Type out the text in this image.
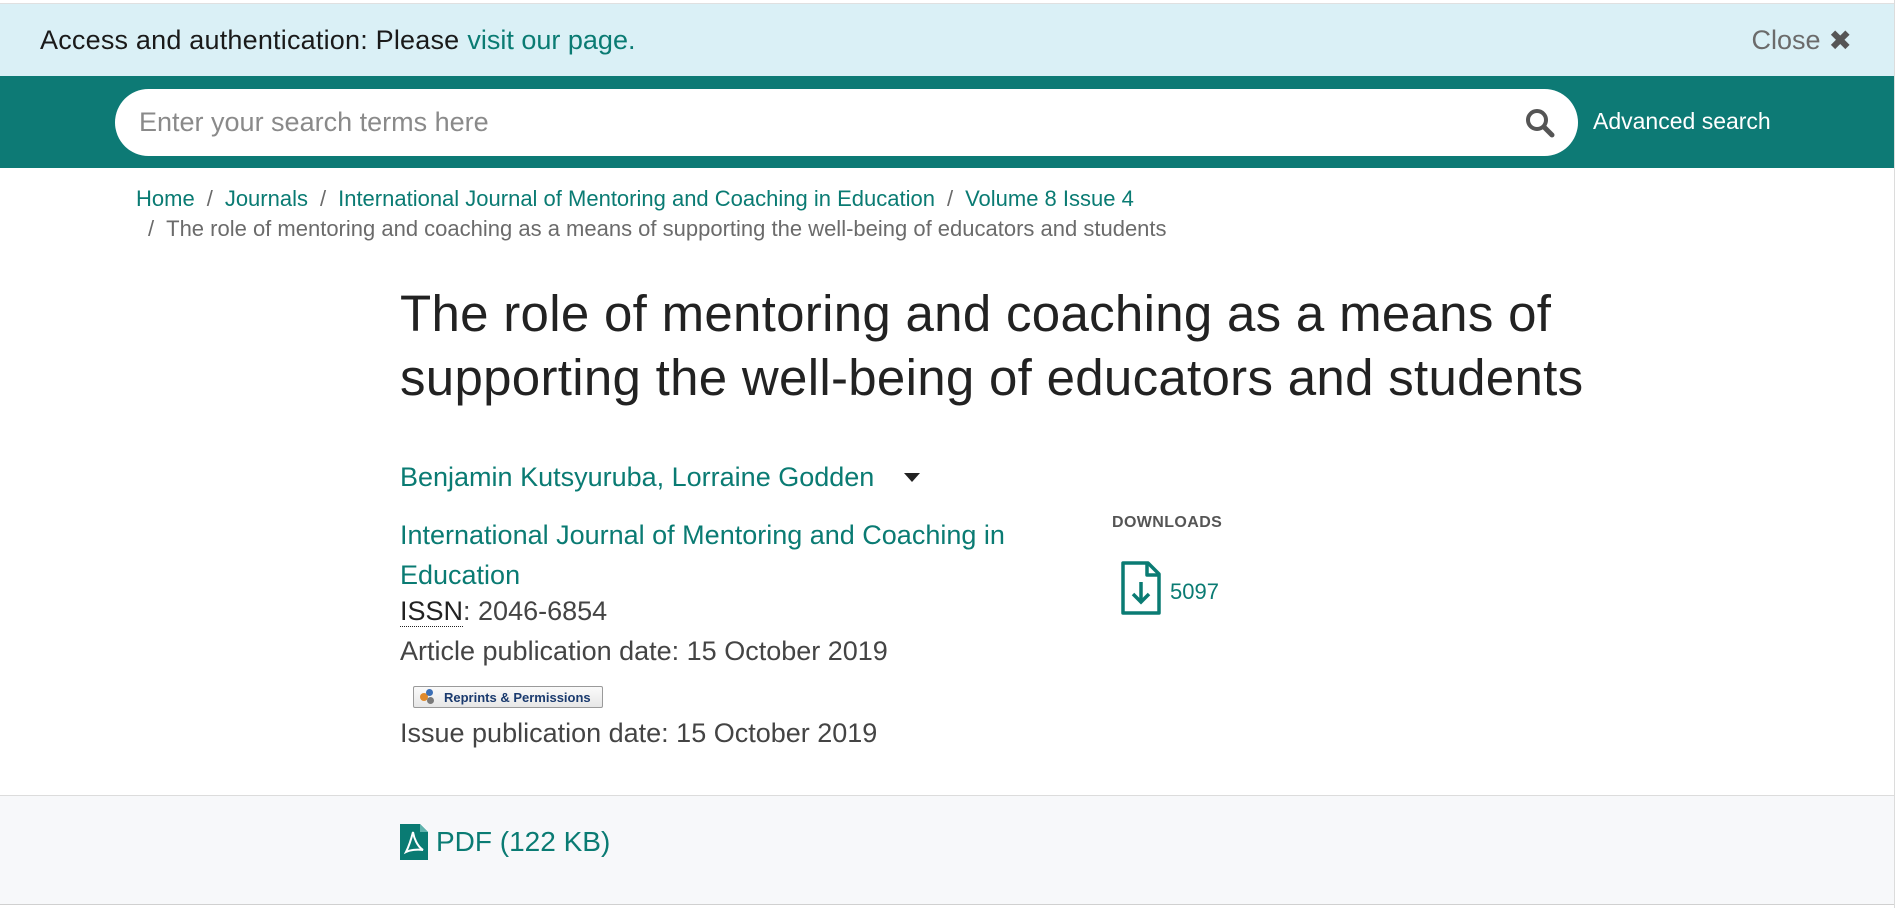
Access and authentication: Please visit our page.	Close ✖
Enter your search terms here
Advanced search
Home / Journals / International Journal of Mentoring and Coaching in Education / Volume 8 Issue 4
/ The role of mentoring and coaching as a means of supporting the well-being of educators and students
The role of mentoring and coaching as a means of supporting the well-being of educators and students
Benjamin Kutsyuruba, Lorraine Godden
International Journal of Mentoring and Coaching in Education
ISSN: 2046-6854
Article publication date: 15 October 2019
Reprints & Permissions
Issue publication date: 15 October 2019
DOWNLOADS
5097
PDF (122 KB)
